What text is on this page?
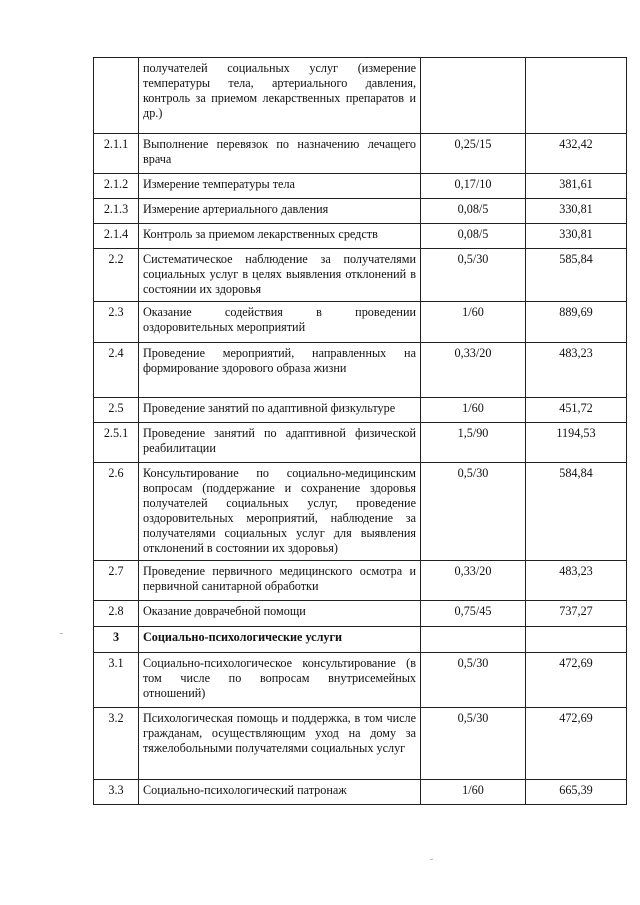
	получателей социальных услуг (измерение температуры тела, артериального давления, контроль за приемом лекарственных препаратов и др.)		
2.1.1	Выполнение перевязок по назначению лечащего врача	0,25/15	432,42
2.1.2	Измерение температуры тела	0,17/10	381,61
2.1.3	Измерение артериального давления	0,08/5	330,81
2.1.4	Контроль за приемом лекарственных средств	0,08/5	330,81
2.2	Систематическое наблюдение за получателями социальных услуг в целях выявления отклонений в состоянии их здоровья	0,5/30	585,84
2.3	Оказание содействия в проведении оздоровительных мероприятий	1/60	889,69
2.4	Проведение мероприятий, направленных на формирование здорового образа жизни	0,33/20	483,23
2.5	Проведение занятий по адаптивной физкультуре	1/60	451,72
2.5.1	Проведение занятий по адаптивной физической реабилитации	1,5/90	1194,53
2.6	Консультирование по социально-медицинским вопросам (поддержание и сохранение здоровья получателей социальных услуг, проведение оздоровительных мероприятий, наблюдение за получателями социальных услуг для выявления отклонений в состоянии их здоровья)	0,5/30	584,84
2.7	Проведение первичного медицинского осмотра и первичной санитарной обработки	0,33/20	483,23
2.8	Оказание доврачебной помощи	0,75/45	737,27
3	Социально-психологические услуги		
3.1	Социально-психологическое консультирование (в том числе по вопросам внутрисемейных отношений)	0,5/30	472,69
3.2	Психологическая помощь и поддержка, в том числе гражданам, осуществляющим уход на дому за тяжелобольными получателями социальных услуг	0,5/30	472,69
3.3	Социально-психологический патронаж	1/60	665,39
